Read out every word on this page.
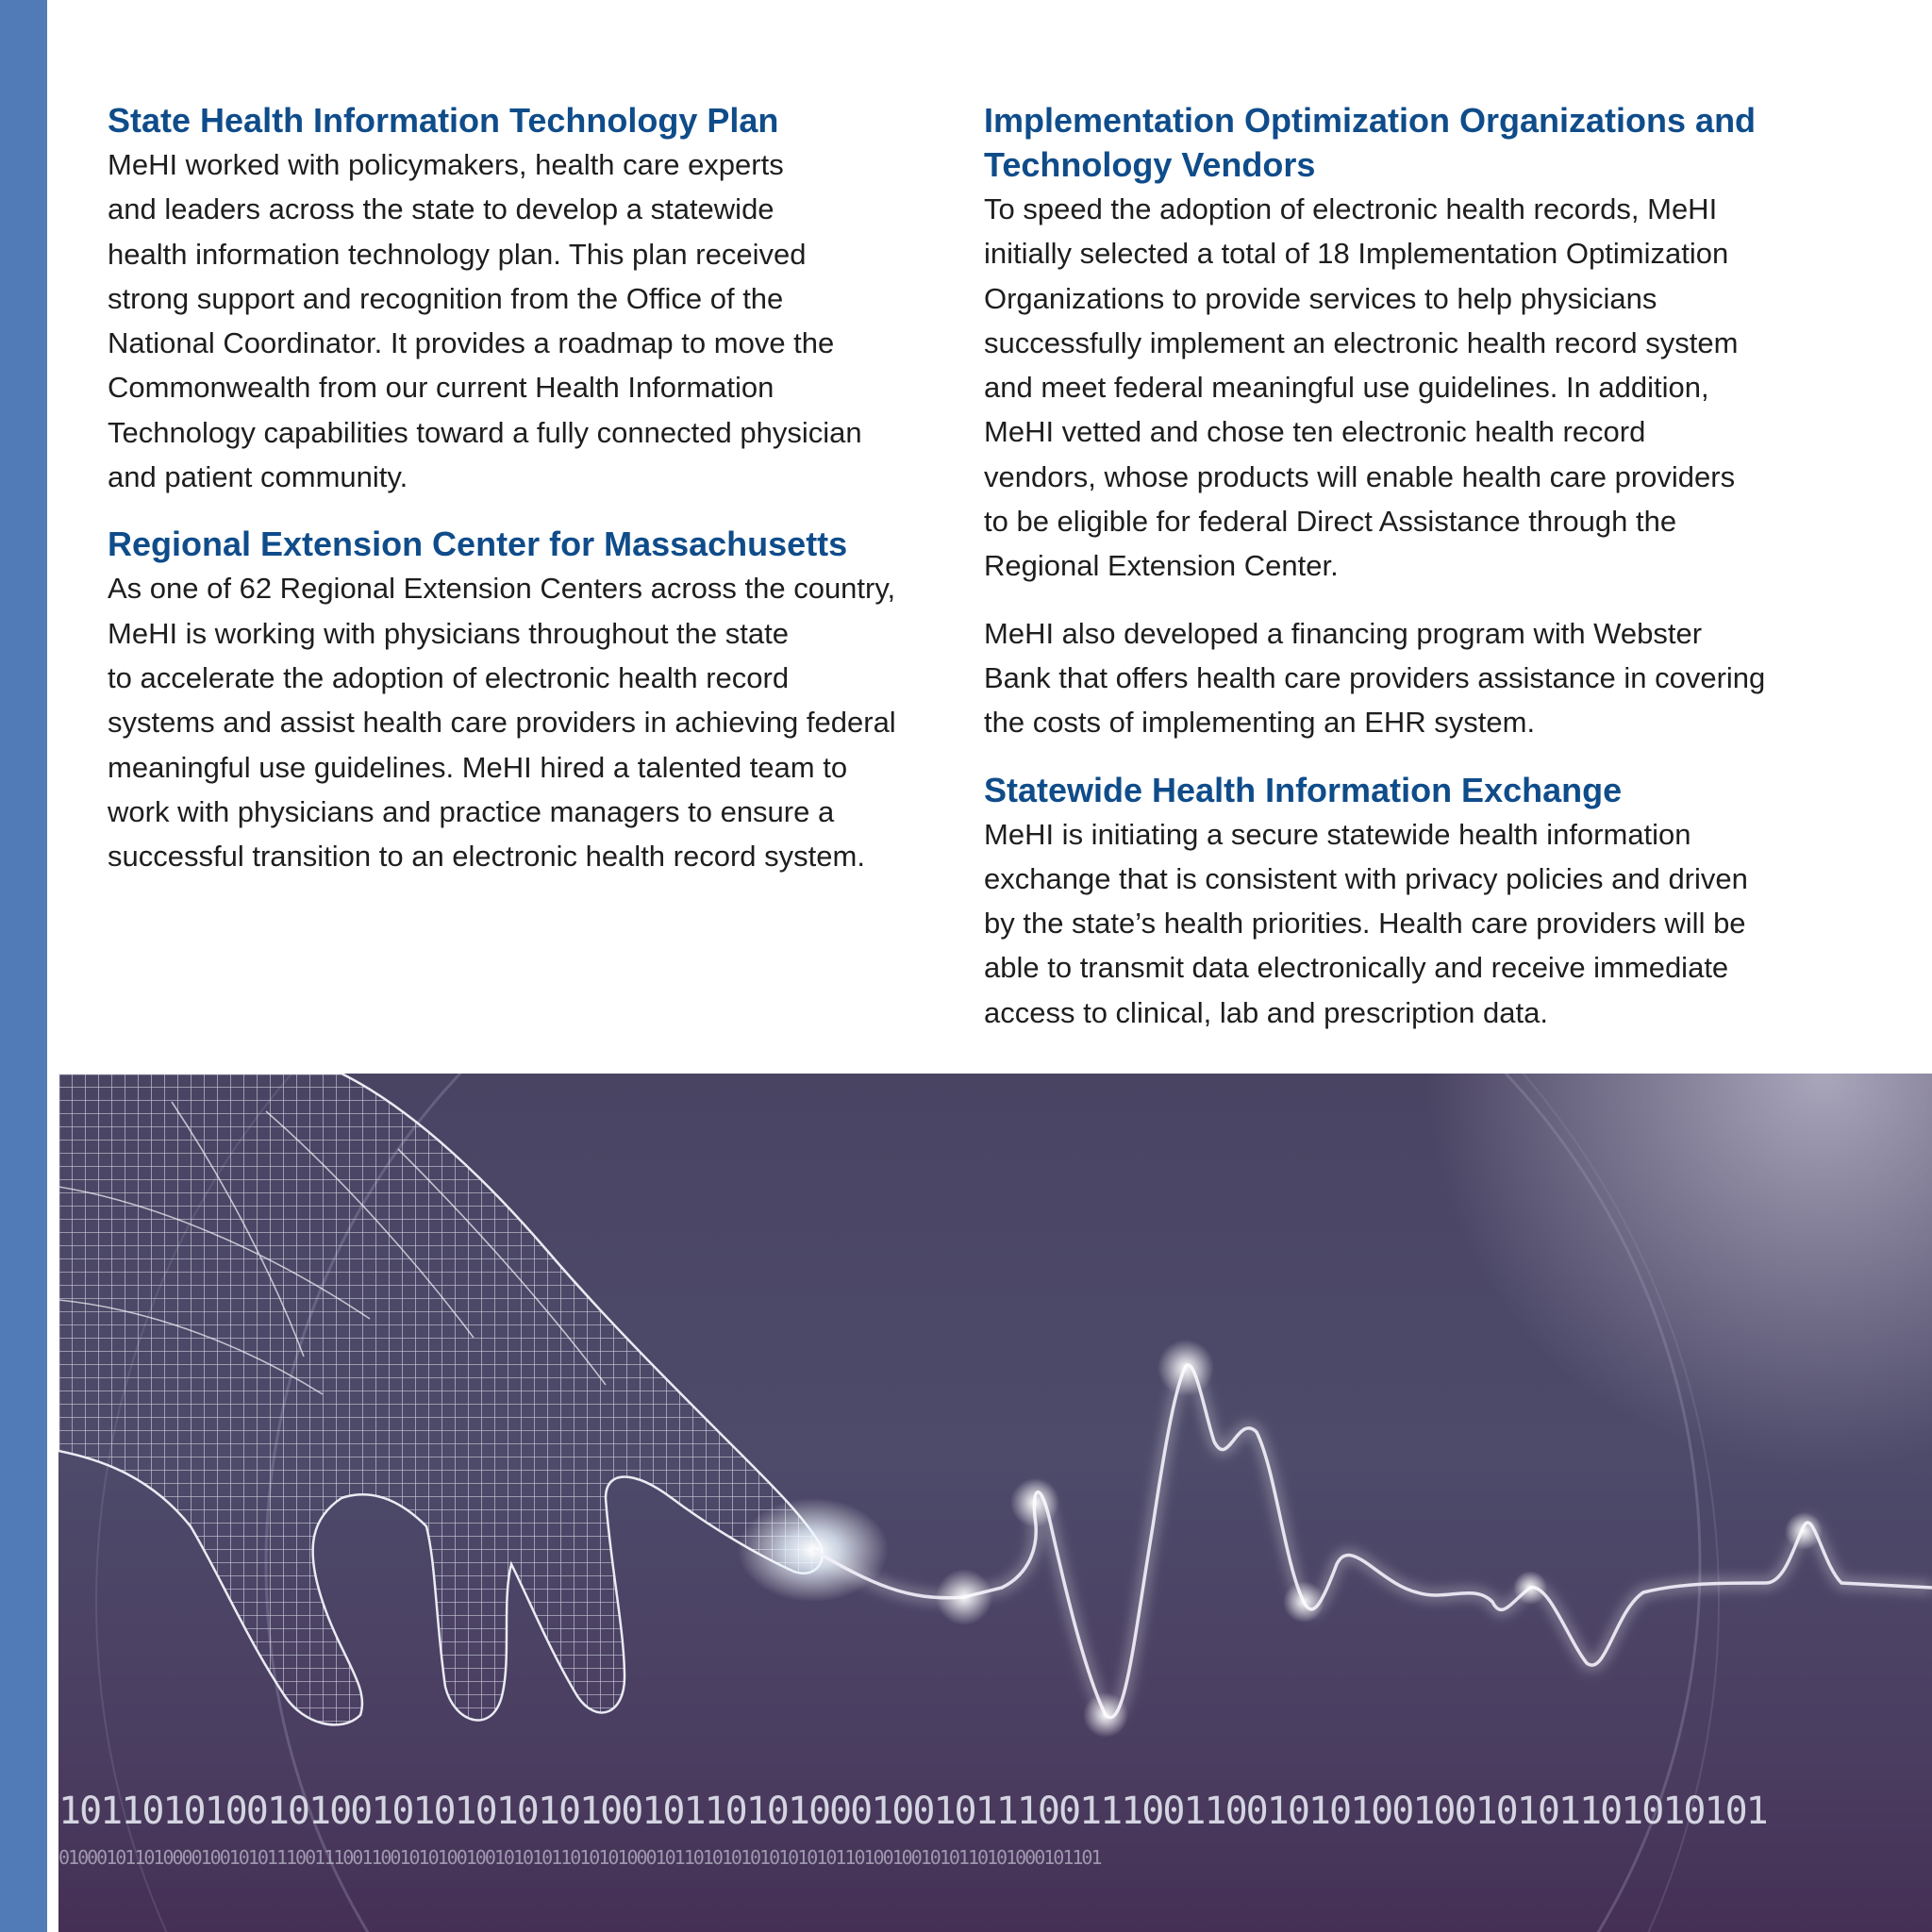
State Health Information Technology Plan

MeHI worked with policymakers, health care experts
and leaders across the state to develop a statewide
health information technology plan. This plan received
strong support and recognition from the Office of the
National Coordinator. It provides a roadmap to move the
Commonwealth from our current Health Information
Technology capabilities toward a fully connected physician
and patient community.

Regional Extension Center for Massachusetts

As one of 62 Regional Extension Centers across the country,
MeHI is working with physicians throughout the state
to accelerate the adoption of electronic health record
systems and assist health care providers in achieving federal
meaningful use guidelines. MeHI hired a talented team to
work with physicians and practice managers to ensure a
successful transition to an electronic health record system.

Implementation Optimization Organizations and
Technology Vendors

To speed the adoption of electronic health records, MeHI
initially selected a total of 18 Implementation Optimization
Organizations to provide services to help physicians
successfully implement an electronic health record system
and meet federal meaningful use guidelines. In addition,
MeHI vetted and chose ten electronic health record
vendors, whose products will enable health care providers
to be eligible for federal Direct Assistance through the
Regional Extension Center.

MeHI also developed a financing program with Webster
Bank that offers health care providers assistance in covering
the costs of implementing an EHR system.

Statewide Health Information Exchange

MeHI is initiating a secure statewide health information
exchange that is consistent with privacy policies and driven
by the state’s health priorities. Health care providers will be
able to transmit data electronically and receive immediate
access to clinical, lab and prescription data.

1011010100101001010101010100101101010001001011100111001100101010010010101101010101
01000101101000010010101110011100110010101001001010101101010100010110101010101010101101001001010110101000101101
